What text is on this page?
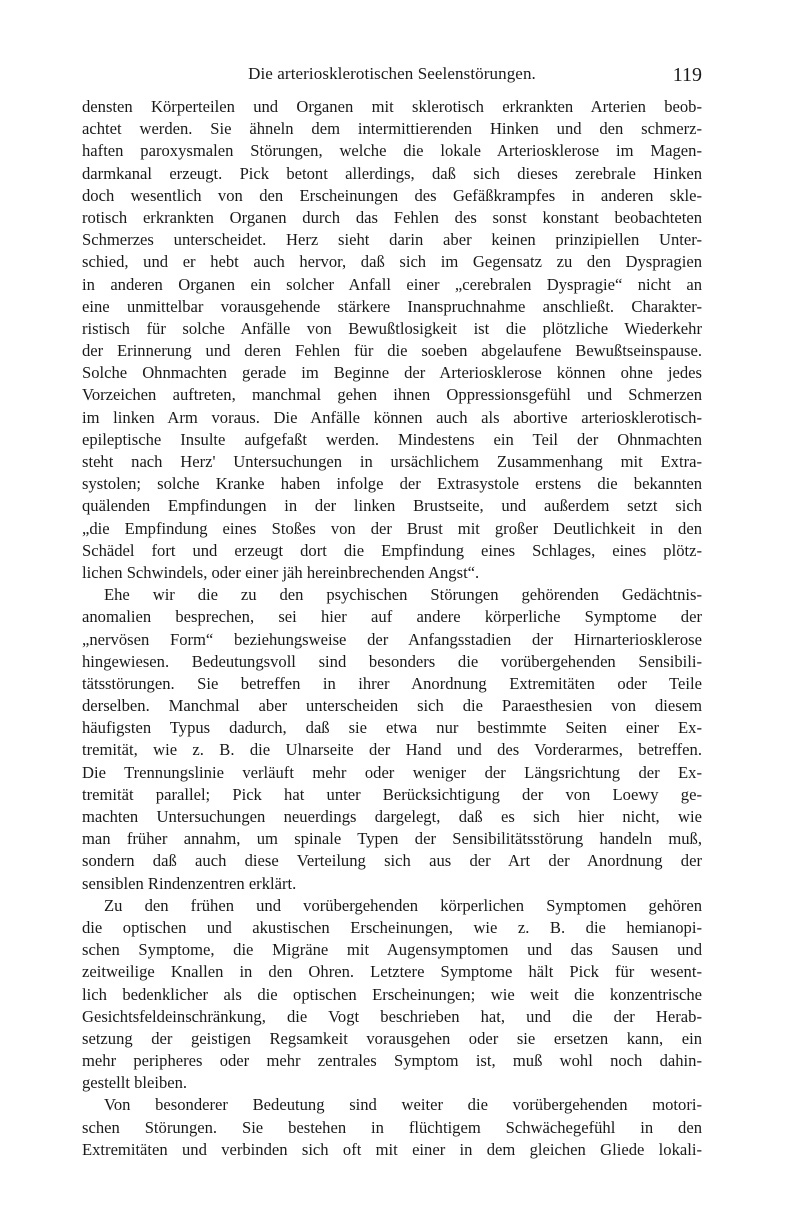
Die arteriosklerotischen Seelenstörungen.	119
densten Körperteilen und Organen mit sklerotisch erkrankten Arterien beob-
achtet werden. Sie ähneln dem intermittierenden Hinken und den schmerz-
haften paroxysmalen Störungen, welche die lokale Arteriosklerose im Magen-
darmkanal erzeugt. Pick betont allerdings, daß sich dieses zerebrale Hinken
doch wesentlich von den Erscheinungen des Gefäßkrampfes in anderen skle-
rotisch erkrankten Organen durch das Fehlen des sonst konstant beobachteten
Schmerzes unterscheidet. Herz sieht darin aber keinen prinzipiellen Unter-
schied, und er hebt auch hervor, daß sich im Gegensatz zu den Dyspragien
in anderen Organen ein solcher Anfall einer „cerebralen Dyspragie“ nicht an
eine unmittelbar vorausgehende stärkere Inanspruchnahme anschließt. Charakter-
ristisch für solche Anfälle von Bewußtlosigkeit ist die plötzliche Wiederkehr
der Erinnerung und deren Fehlen für die soeben abgelaufene Bewußtseinspause.
Solche Ohnmachten gerade im Beginne der Arteriosklerose können ohne jedes
Vorzeichen auftreten, manchmal gehen ihnen Oppressionsgefühl und Schmerzen
im linken Arm voraus. Die Anfälle können auch als abortive arteriosklerotisch-
epileptische Insulte aufgefaßt werden. Mindestens ein Teil der Ohnmachten
steht nach Herz' Untersuchungen in ursächlichem Zusammenhang mit Extra-
systolen; solche Kranke haben infolge der Extrasystole erstens die bekannten
quälenden Empfindungen in der linken Brustseite, und außerdem setzt sich
„die Empfindung eines Stoßes von der Brust mit großer Deutlichkeit in den
Schädel fort und erzeugt dort die Empfindung eines Schlages, eines plötz-
lichen Schwindels, oder einer jäh hereinbrechenden Angst“.
Ehe wir die zu den psychischen Störungen gehörenden Gedächtnis-
anomalien besprechen, sei hier auf andere körperliche Symptome der
„nervösen Form“ beziehungsweise der Anfangsstadien der Hirnarteriosklerose
hingewiesen. Bedeutungsvoll sind besonders die vorübergehenden Sensibili-
tätsstörungen. Sie betreffen in ihrer Anordnung Extremitäten oder Teile
derselben. Manchmal aber unterscheiden sich die Paraesthesien von diesem
häufigsten Typus dadurch, daß sie etwa nur bestimmte Seiten einer Ex-
tremität, wie z. B. die Ulnarseite der Hand und des Vorderarmes, betreffen.
Die Trennungslinie verläuft mehr oder weniger der Längsrichtung der Ex-
tremität parallel; Pick hat unter Berücksichtigung der von Loewy ge-
machten Untersuchungen neuerdings dargelegt, daß es sich hier nicht, wie
man früher annahm, um spinale Typen der Sensibilitätsstörung handeln muß,
sondern daß auch diese Verteilung sich aus der Art der Anordnung der
sensiblen Rindenzentren erklärt.
Zu den frühen und vorübergehenden körperlichen Symptomen gehören
die optischen und akustischen Erscheinungen, wie z. B. die hemianopi-
schen Symptome, die Migräne mit Augensymptomen und das Sausen und
zeitweilige Knallen in den Ohren. Letztere Symptome hält Pick für wesent-
lich bedenklicher als die optischen Erscheinungen; wie weit die konzentrische
Gesichtsfeldeinschränkung, die Vogt beschrieben hat, und die der Herab-
setzung der geistigen Regsamkeit vorausgehen oder sie ersetzen kann, ein
mehr peripheres oder mehr zentrales Symptom ist, muß wohl noch dahin-
gestellt bleiben.
Von besonderer Bedeutung sind weiter die vorübergehenden motori-
schen Störungen. Sie bestehen in flüchtigem Schwächegefühl in den
Extremitäten und verbinden sich oft mit einer in dem gleichen Gliede lokali-
